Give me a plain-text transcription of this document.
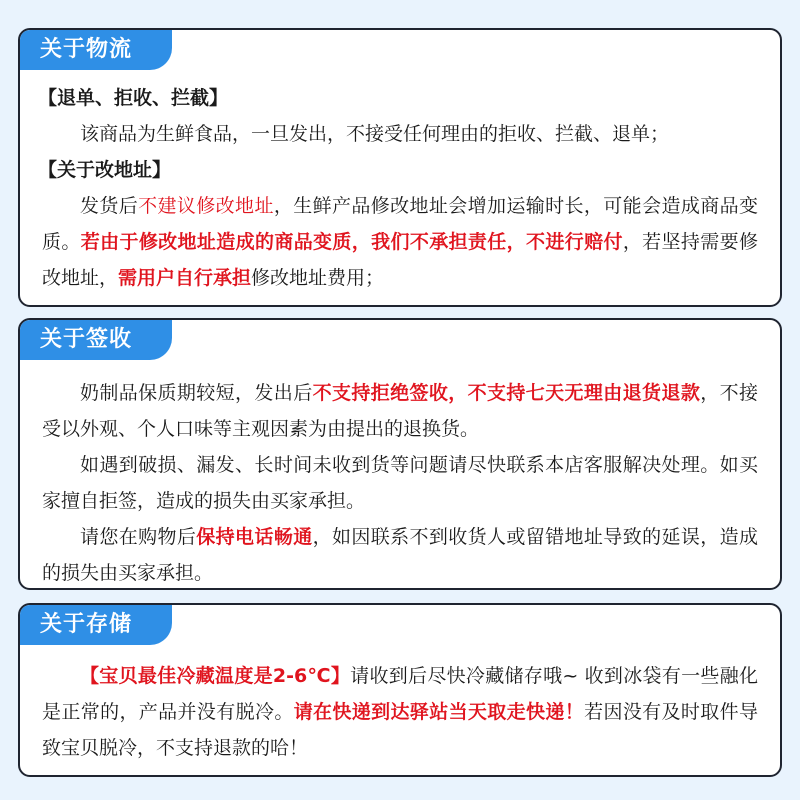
关于物流
【退单、拒收、拦截】

该商品为生鲜食品，一旦发出，不接受任何理由的拒收、拦截、退单；

【关于改地址】

发货后不建议修改地址，生鲜产品修改地址会增加运输时长，可能会造成商品变质。若由于修改地址造成的商品变质，我们不承担责任，不进行赔付，若坚持需要修改地址，需用户自行承担修改地址费用；

关于签收

奶制品保质期较短，发出后不支持拒绝签收，不支持七天无理由退货退款，不接受以外观、个人口味等主观因素为由提出的退换货。

如遇到破损、漏发、长时间未收到货等问题请尽快联系本店客服解决处理。如买家擅自拒签，造成的损失由买家承担。

请您在购物后保持电话畅通，如因联系不到收货人或留错地址导致的延误，造成的损失由买家承担。

关于存储

【宝贝最佳冷藏温度是2-6℃】请收到后尽快冷藏储存哦~ 收到冰袋有一些融化是正常的，产品并没有脱冷。请在快递到达驿站当天取走快递！若因没有及时取件导致宝贝脱冷，不支持退款的哈！
